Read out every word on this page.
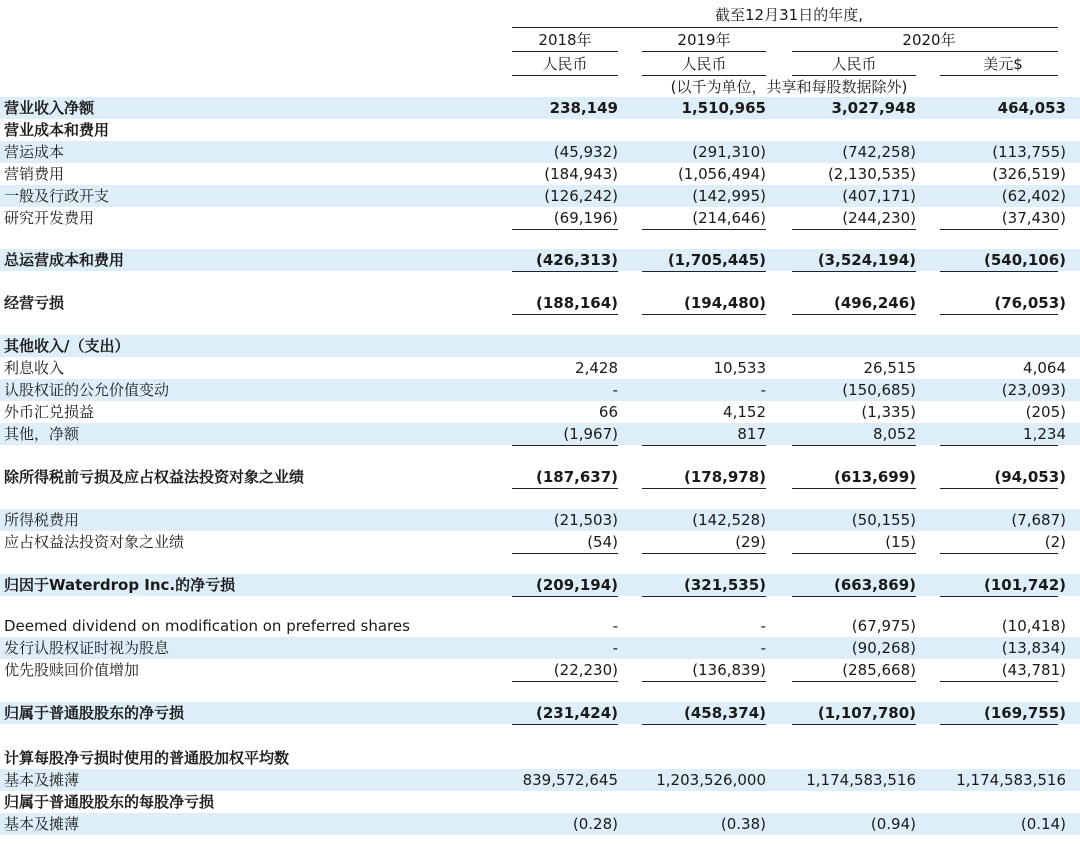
截至12月31日的年度,
2018年	2019年	2020年
人民币	人民币	人民币	美元$
(以千为单位，共享和每股数据除外)
营业收入净额	238,149	1,510,965	3,027,948	464,053
营业成本和费用
营运成本	(45,932)	(291,310)	(742,258)	(113,755)
营销费用	(184,943)	(1,056,494)	(2,130,535)	(326,519)
一般及行政开支	(126,242)	(142,995)	(407,171)	(62,402)
研究开发费用	(69,196)	(214,646)	(244,230)	(37,430)
总运营成本和费用	(426,313)	(1,705,445)	(3,524,194)	(540,106)
经营亏损	(188,164)	(194,480)	(496,246)	(76,053)
其他收入/（支出）
利息收入	2,428	10,533	26,515	4,064
认股权证的公允价值变动	-	-	(150,685)	(23,093)
外币汇兑损益	66	4,152	(1,335)	(205)
其他，净额	(1,967)	817	8,052	1,234
除所得税前亏损及应占权益法投资对象之业绩	(187,637)	(178,978)	(613,699)	(94,053)
所得税费用	(21,503)	(142,528)	(50,155)	(7,687)
应占权益法投资对象之业绩	(54)	(29)	(15)	(2)
归因于Waterdrop Inc.的净亏损	(209,194)	(321,535)	(663,869)	(101,742)
Deemed dividend on modification on preferred shares	-	-	(67,975)	(10,418)
发行认股权证时视为股息	-	-	(90,268)	(13,834)
优先股赎回价值增加	(22,230)	(136,839)	(285,668)	(43,781)
归属于普通股股东的净亏损	(231,424)	(458,374)	(1,107,780)	(169,755)
计算每股净亏损时使用的普通股加权平均数
基本及摊薄	839,572,645	1,203,526,000	1,174,583,516	1,174,583,516
归属于普通股股东的每股净亏损
基本及摊薄	(0.28)	(0.38)	(0.94)	(0.14)
